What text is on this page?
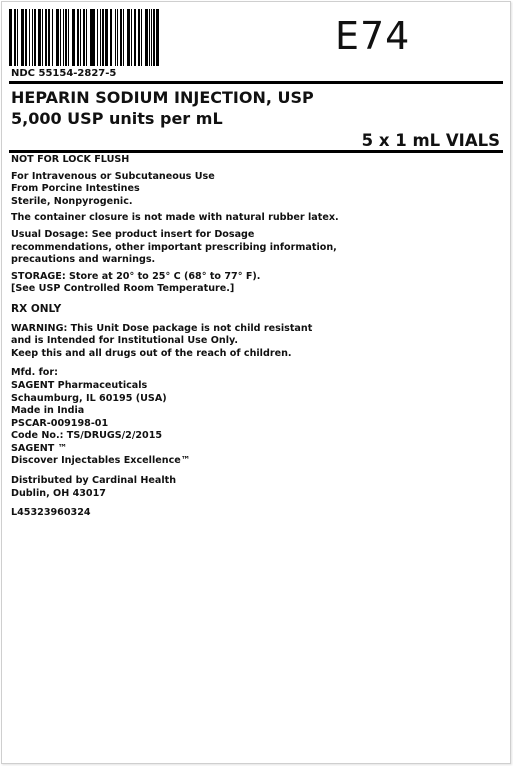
E74
NDC 55154-2827-5
HEPARIN SODIUM INJECTION, USP
5,000 USP units per mL
5 x 1 mL VIALS
NOT FOR LOCK FLUSH
For Intravenous or Subcutaneous Use
From Porcine Intestines
Sterile, Nonpyrogenic.
The container closure is not made with natural rubber latex.
Usual Dosage: See product insert for Dosage
recommendations, other important prescribing information,
precautions and warnings.
STORAGE: Store at 20° to 25° C (68° to 77° F).
[See USP Controlled Room Temperature.]
RX ONLY
WARNING: This Unit Dose package is not child resistant
and is Intended for Institutional Use Only.
Keep this and all drugs out of the reach of children.
Mfd. for:
SAGENT Pharmaceuticals
Schaumburg, IL 60195 (USA)
Made in India
PSCAR-009198-01
Code No.: TS/DRUGS/2/2015
SAGENT ™
Discover Injectables Excellence™
Distributed by Cardinal Health
Dublin, OH 43017
L45323960324
